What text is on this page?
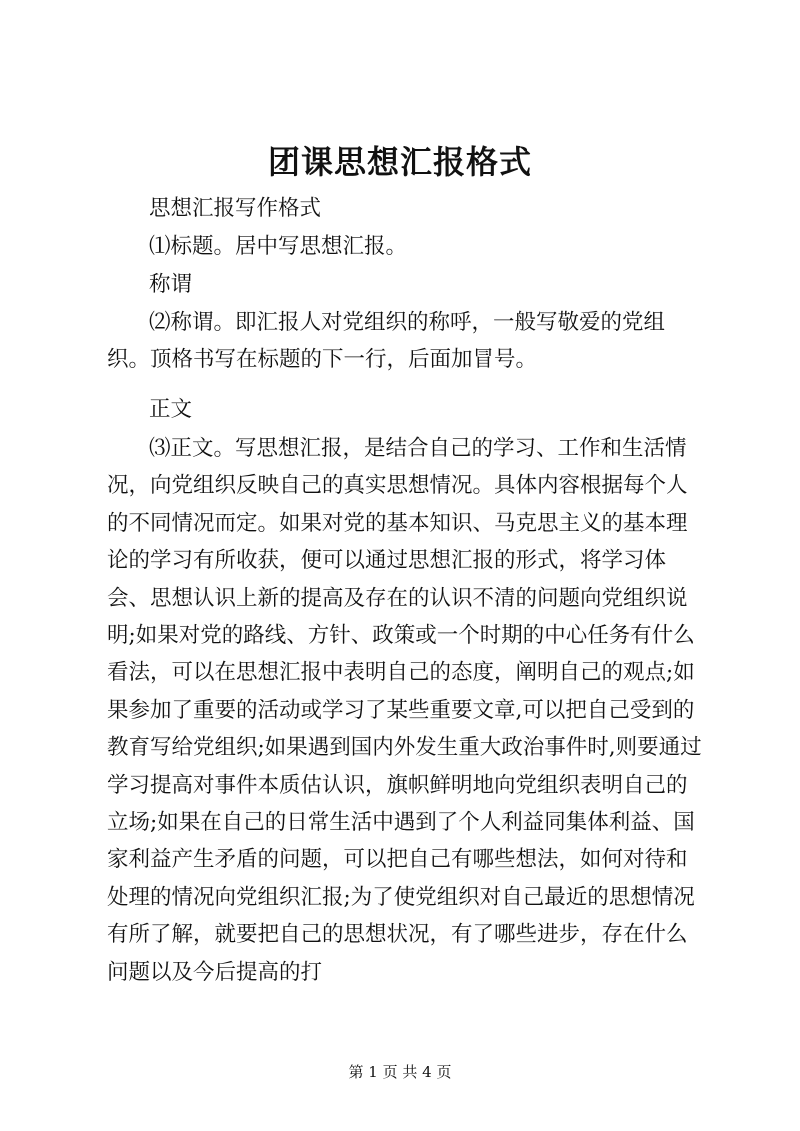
团课思想汇报格式

思想汇报写作格式

⑴标题。居中写思想汇报。

称谓

⑵称谓。即汇报人对党组织的称呼，一般写敬爱的党组织。顶格书写在标题的下一行，后面加冒号。

正文

⑶正文。写思想汇报，是结合自己的学习、工作和生活情况，向党组织反映自己的真实思想情况。具体内容根据每个人的不同情况而定。如果对党的基本知识、马克思主义的基本理论的学习有所收获，便可以通过思想汇报的形式，将学习体会、思想认识上新的提高及存在的认识不清的问题向党组织说明;如果对党的路线、方针、政策或一个时期的中心任务有什么看法，可以在思想汇报中表明自己的态度，阐明自己的观点;如果参加了重要的活动或学习了某些重要文章,可以把自己受到的教育写给党组织;如果遇到国内外发生重大政治事件时,则要通过学习提高对事件本质估认识，旗帜鲜明地向党组织表明自己的立场;如果在自己的日常生活中遇到了个人利益同集体利益、国家利益产生矛盾的问题，可以把自己有哪些想法，如何对待和处理的情况向党组织汇报;为了使党组织对自己最近的思想情况有所了解，就要把自己的思想状况，有了哪些进步，存在什么问题以及今后提高的打

第 1 页 共 4 页
